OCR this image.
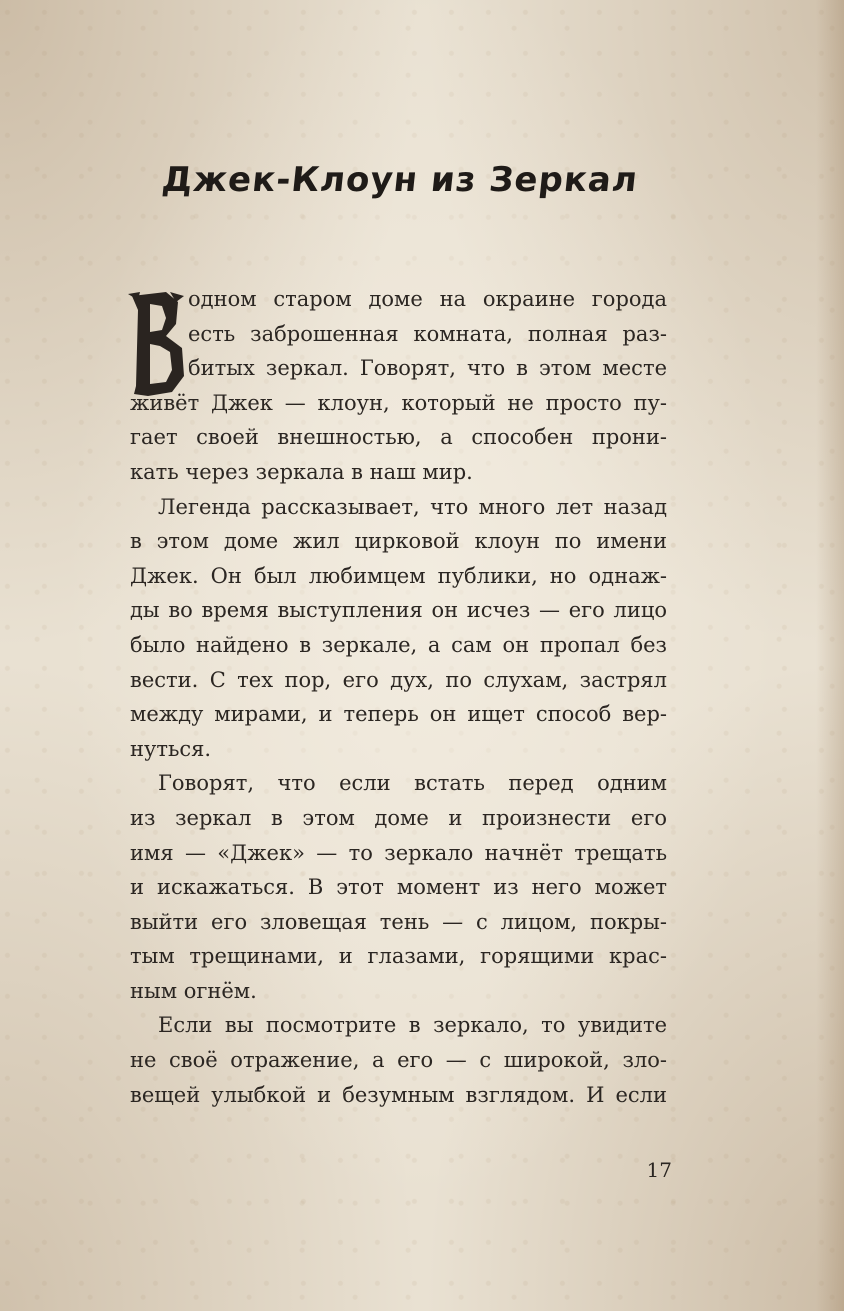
Джек-Клоун из Зеркал
одном старом доме на окраине города
есть заброшенная комната, полная раз-
битых зеркал. Говорят, что в этом месте
живёт Джек — клоун, который не просто пу-
гает своей внешностью, а способен прони-
кать через зеркала в наш мир.
Легенда рассказывает, что много лет назад
в этом доме жил цирковой клоун по имени
Джек. Он был любимцем публики, но однаж-
ды во время выступления он исчез — его лицо
было найдено в зеркале, а сам он пропал без
вести. С тех пор, его дух, по слухам, застрял
между мирами, и теперь он ищет способ вер-
нуться.
Говорят, что если встать перед одним
из зеркал в этом доме и произнести его
имя — «Джек» — то зеркало начнёт трещать
и искажаться. В этот момент из него может
выйти его зловещая тень — с лицом, покры-
тым трещинами, и глазами, горящими крас-
ным огнём.
Если вы посмотрите в зеркало, то увидите
не своё отражение, а его — с широкой, зло-
вещей улыбкой и безумным взглядом. И если
17
